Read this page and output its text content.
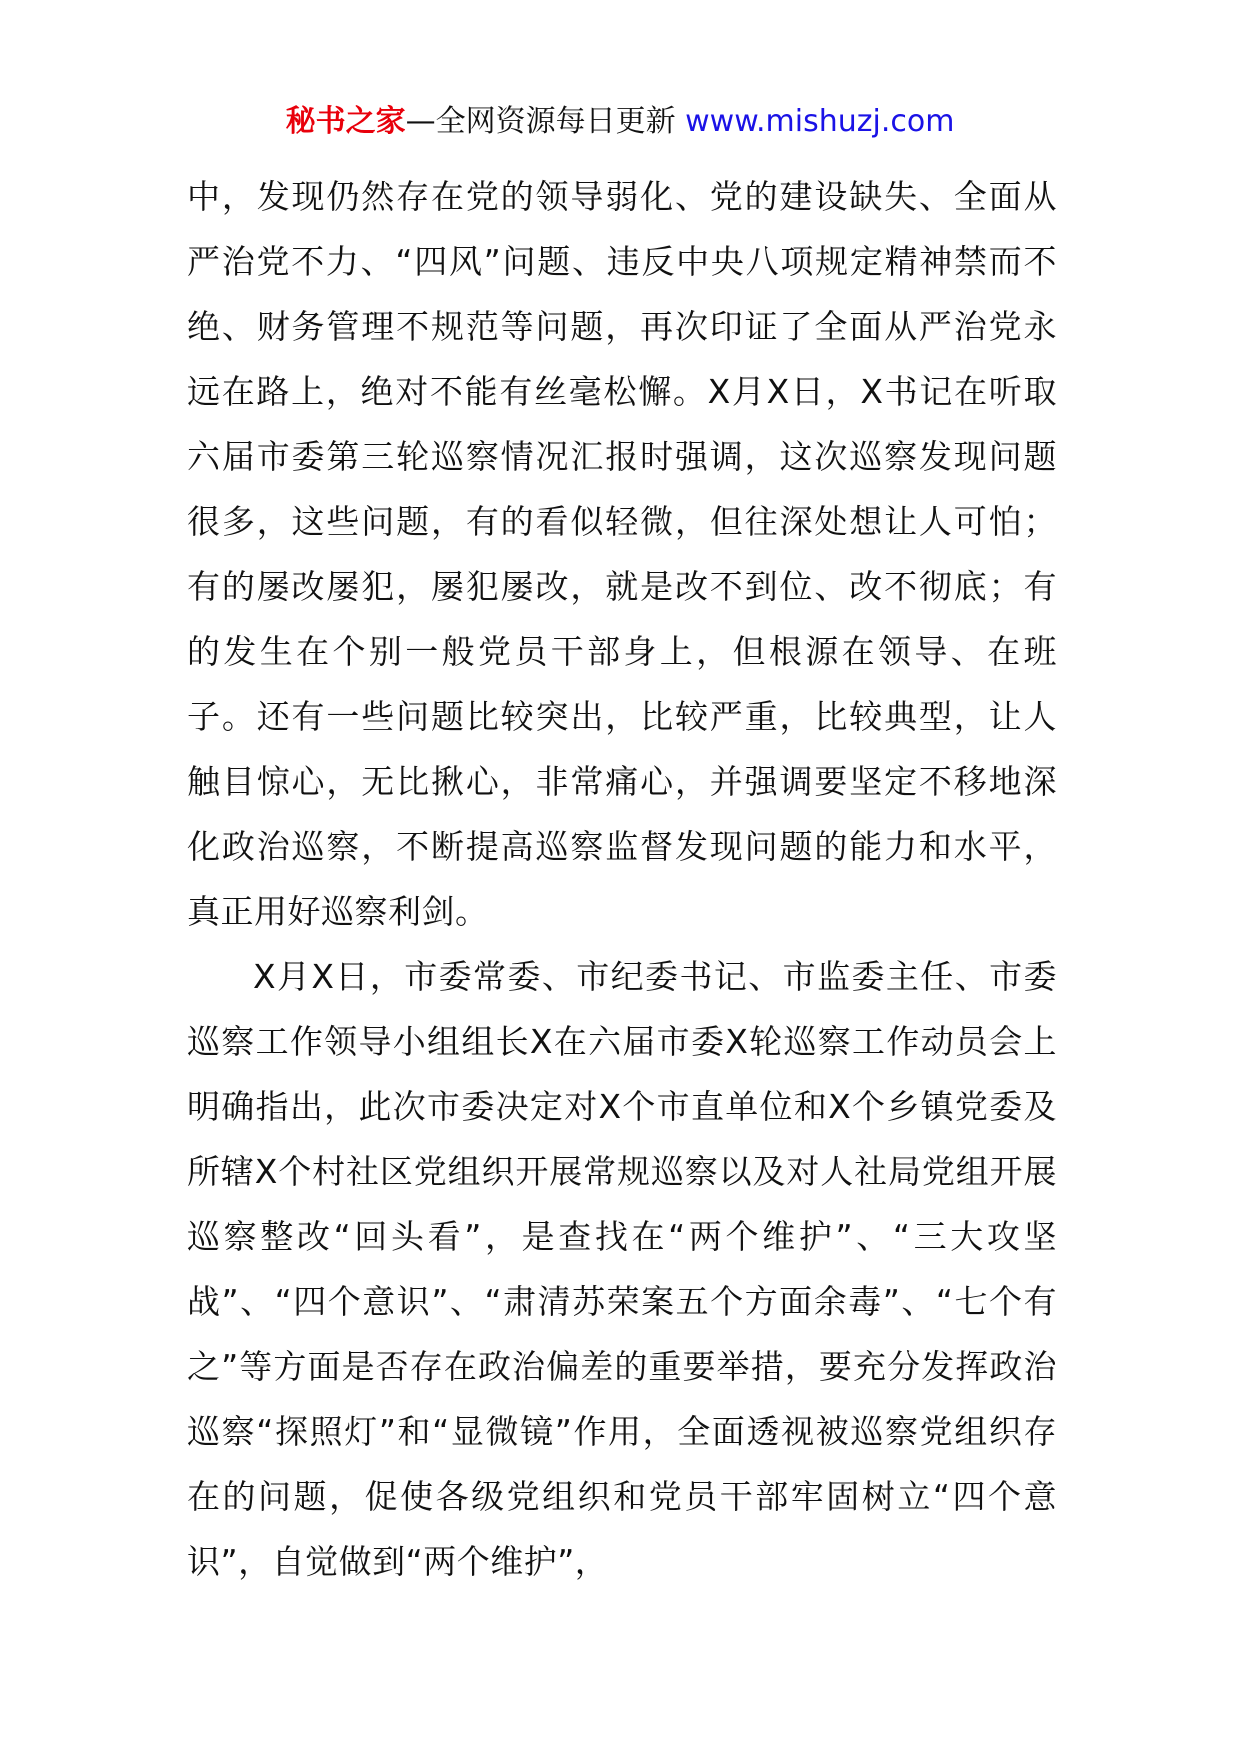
秘书之家—全网资源每日更新 www.mishuzj.com

中，发现仍然存在党的领导弱化、党的建设缺失、全面从严治党不力、“四风”问题、违反中央八项规定精神禁而不绝、财务管理不规范等问题，再次印证了全面从严治党永远在路上，绝对不能有丝毫松懈。X月X日，X书记在听取六届市委第三轮巡察情况汇报时强调，这次巡察发现问题很多，这些问题，有的看似轻微，但往深处想让人可怕；有的屡改屡犯，屡犯屡改，就是改不到位、改不彻底；有的发生在个别一般党员干部身上，但根源在领导、在班子。还有一些问题比较突出，比较严重，比较典型，让人触目惊心，无比揪心，非常痛心，并强调要坚定不移地深化政治巡察，不断提高巡察监督发现问题的能力和水平，真正用好巡察利剑。

X月X日，市委常委、市纪委书记、市监委主任、市委巡察工作领导小组组长X在六届市委X轮巡察工作动员会上明确指出，此次市委决定对X个市直单位和X个乡镇党委及所辖X个村社区党组织开展常规巡察以及对人社局党组开展巡察整改“回头看”，是查找在“两个维护”、“三大攻坚战”、“四个意识”、“肃清苏荣案五个方面余毒”、“七个有之”等方面是否存在政治偏差的重要举措，要充分发挥政治巡察“探照灯”和“显微镜”作用，全面透视被巡察党组织存在的问题，促使各级党组织和党员干部牢固树立“四个意识”，自觉做到“两个维护”，
